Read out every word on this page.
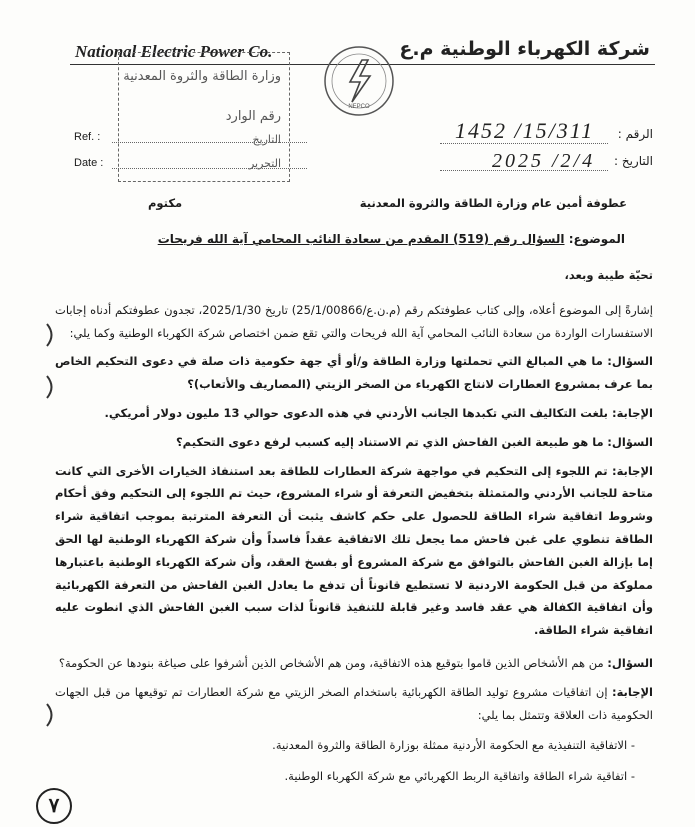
National Electric Power Co.	شركة الكهرباء الوطنية م.ع
وزارة الطاقة والثروة المعدنية
رقم الوارد
التاريخ
التحرير
NEPCO
Ref. :
Date :
الرقم :
1452 /15/311
التاريخ :
2025 /2/4
عطوفة أمين عام وزارة الطاقة والثروة المعدنية
مكتوم
الموضوع: السؤال رقم (519) المقدم من سعادة النائب المحامي آية الله فريحات

تحيّة طيبة وبعد،

إشارةً إلى الموضوع أعلاه، وإلى كتاب عطوفتكم رقم (م.ن.ع/25/1/00866) تاريخ 2025/1/30، تجدون عطوفتكم أدناه إجابات الاستفسارات الواردة من سعادة النائب المحامي آية الله فريحات والتي تقع ضمن اختصاص شركة الكهرباء الوطنية وكما يلي:

السؤال: ما هي المبالغ التي تحملتها وزارة الطاقة و/أو أي جهة حكومية ذات صلة في دعوى التحكيم الخاص بما عرف بمشروع العطارات لانتاج الكهرباء من الصخر الزيتي (المصاريف والأتعاب)؟

الإجابة: بلغت التكاليف التي تكبدها الجانب الأردني في هذه الدعوى حوالي 13 مليون دولار أمريكي.

السؤال: ما هو طبيعة الغبن الفاحش الذي تم الاستناد إليه كسبب لرفع دعوى التحكيم؟

الإجابة: تم اللجوء إلى التحكيم في مواجهة شركة العطارات للطاقة بعد استنفاذ الخيارات الأخرى التي كانت متاحة للجانب الأردني والمتمثلة بتخفيض التعرفة أو شراء المشروع، حيث تم اللجوء إلى التحكيم وفق أحكام وشروط اتفاقية شراء الطاقة للحصول على حكم كاشف يثبت أن التعرفة المترتبة بموجب اتفاقية شراء الطاقة تنطوي على غبن فاحش مما يجعل تلك الاتفاقية عقداً فاسداً وأن شركة الكهرباء الوطنية لها الحق إما بإزالة الغبن الفاحش بالتوافق مع شركة المشروع أو بفسخ العقد، وأن شركة الكهرباء الوطنية باعتبارها مملوكة من قبل الحكومة الاردنية لا تستطيع قانوناً أن تدفع ما يعادل الغبن الفاحش من التعرفة الكهربائية وأن اتفاقية الكفالة هي عقد فاسد وغير قابلة للتنفيذ قانوناً لذات سبب الغبن الفاحش الذي انطوت عليه اتفاقية شراء الطاقة.

السؤال: من هم الأشخاص الذين قاموا بتوقيع هذه الاتفاقية، ومن هم الأشخاص الذين أشرفوا على صياغة بنودها عن الحكومة؟

الإجابة: إن اتفاقيات مشروع توليد الطاقة الكهربائية باستخدام الصخر الزيتي مع شركة العطارات تم توقيعها من قبل الجهات الحكومية ذات العلاقة وتتمثل بما يلي:

- الاتفاقية التنفيذية مع الحكومة الأردنية ممثلة بوزارة الطاقة والثروة المعدنية.
- اتفاقية شراء الطاقة واتفاقية الربط الكهربائي مع شركة الكهرباء الوطنية.
٧
